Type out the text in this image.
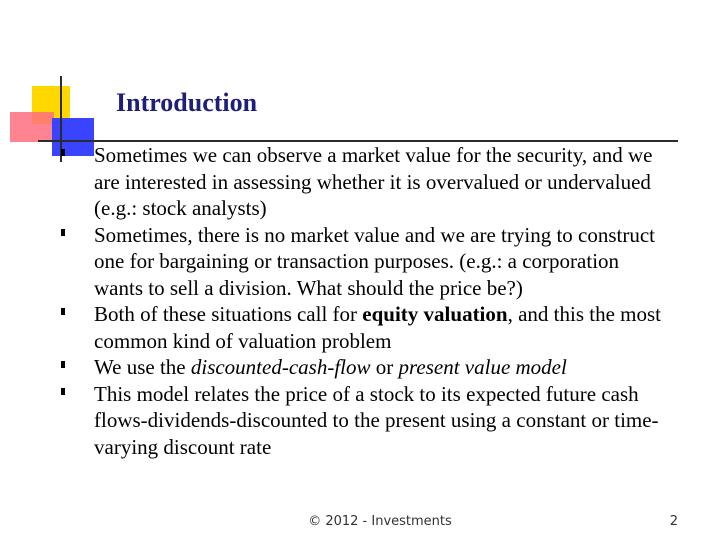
Introduction
Sometimes we can observe a market value for the security, and we are interested in assessing whether it is overvalued or undervalued (e.g.: stock analysts)
Sometimes, there is no market value and we are trying to construct one for bargaining or transaction purposes. (e.g.: a corporation wants to sell a division. What should the price be?)
Both of these situations call for equity valuation, and this the most common kind of valuation problem
We use the discounted-cash-flow or present value model
This model relates the price of a stock to its expected future cash flows-dividends-discounted to the present using a constant or time-varying discount rate
© 2012 - Investments	2
